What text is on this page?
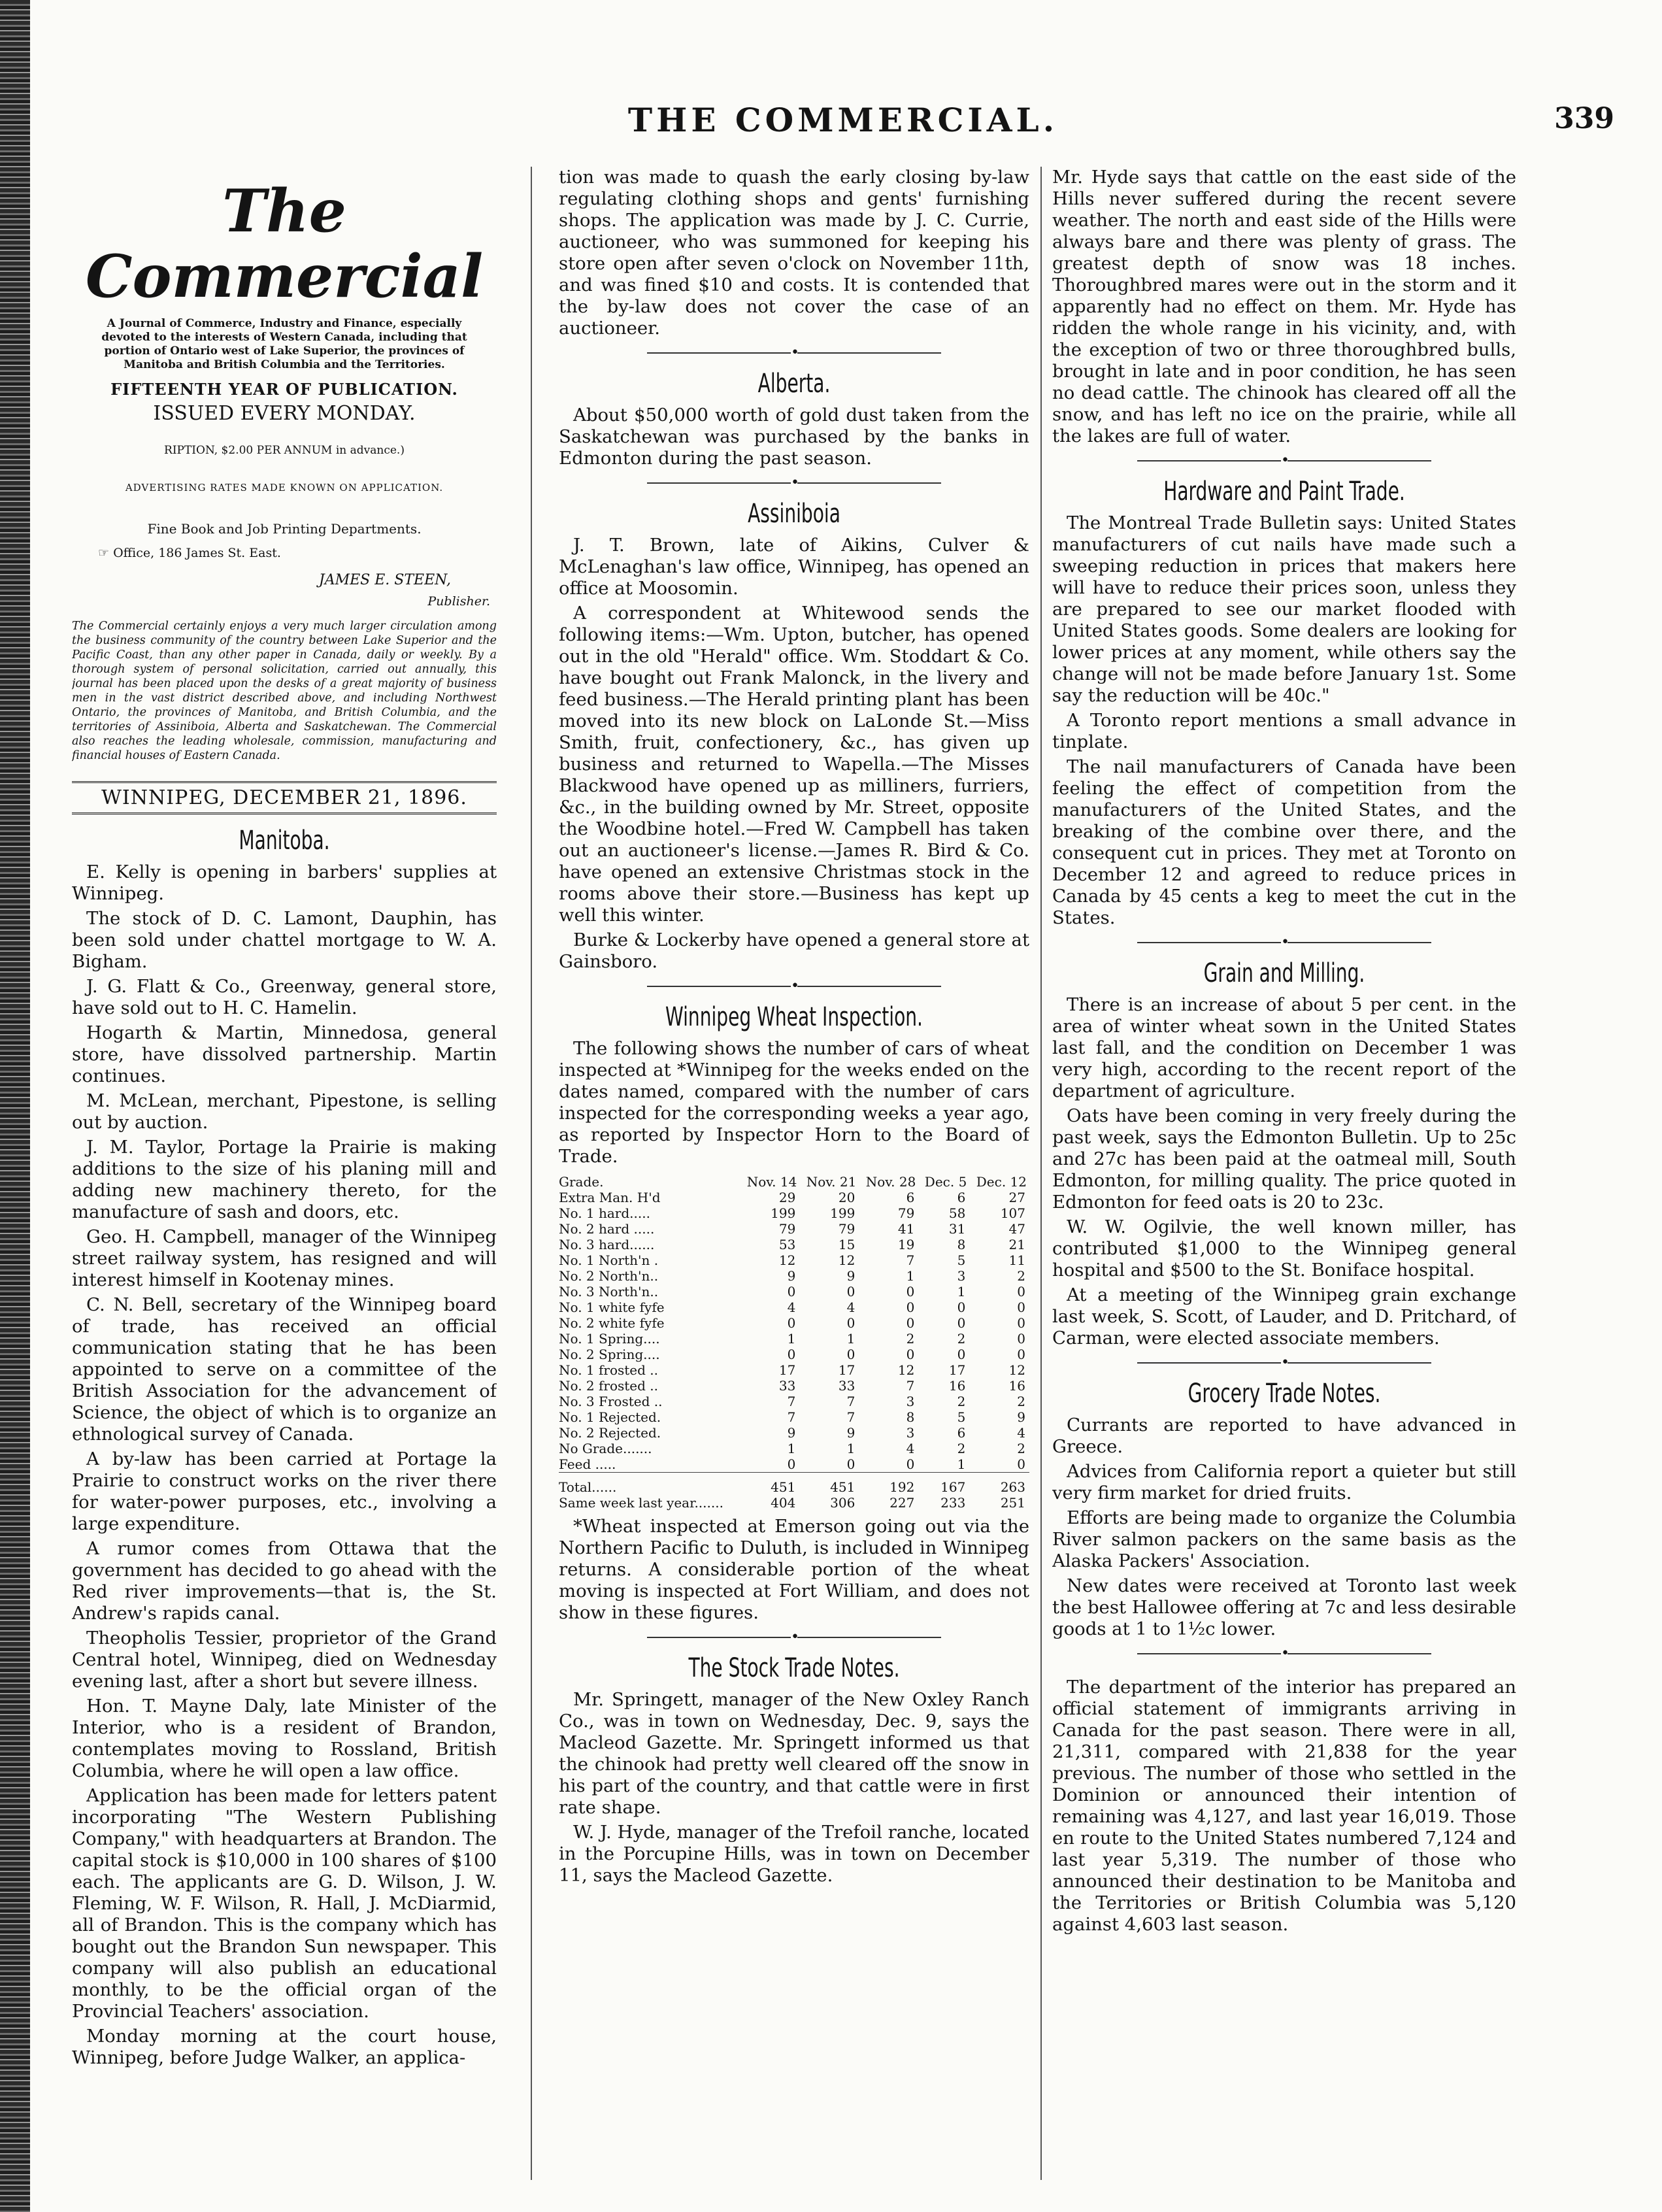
THE COMMERCIAL.	339
The Commercial
A Journal of Commerce, Industry and Finance, especially devoted to the interests of Western Canada, including that portion of Ontario west of Lake Superior, the provinces of Manitoba and British Columbia and the Territories.
FIFTEENTH YEAR OF PUBLICATION.
ISSUED EVERY MONDAY.
RIPTION, $2.00 PER ANNUM in advance.)
ADVERTISING RATES MADE KNOWN ON APPLICATION.
Fine Book and Job Printing Departments.
☞ Office, 186 James St. East.
JAMES E. STEEN,
Publisher.
The Commercial certainly enjoys a very much larger circulation among the business community of the country between Lake Superior and the Pacific Coast, than any other paper in Canada, daily or weekly. By a thorough system of personal solicitation, carried out annually, this journal has been placed upon the desks of a great majority of business men in the vast district described above, and including Northwest Ontario, the provinces of Manitoba, and British Columbia, and the territories of Assiniboia, Alberta and Saskatchewan. The Commercial also reaches the leading wholesale, commission, manufacturing and financial houses of Eastern Canada.
WINNIPEG, DECEMBER 21, 1896.
Manitoba.

E. Kelly is opening in barbers' supplies at Winnipeg.

The stock of D. C. Lamont, Dauphin, has been sold under chattel mortgage to W. A. Bigham.

J. G. Flatt & Co., Greenway, general store, have sold out to H. C. Hamelin.

Hogarth & Martin, Minnedosa, general store, have dissolved partnership. Martin continues.

M. McLean, merchant, Pipestone, is selling out by auction.

J. M. Taylor, Portage la Prairie is making additions to the size of his planing mill and adding new machinery thereto, for the manufacture of sash and doors, etc.

Geo. H. Campbell, manager of the Winnipeg street railway system, has resigned and will interest himself in Kootenay mines.

C. N. Bell, secretary of the Winnipeg board of trade, has received an official communication stating that he has been appointed to serve on a committee of the British Association for the advancement of Science, the object of which is to organize an ethnological survey of Canada.

A by-law has been carried at Portage la Prairie to construct works on the river there for water-power purposes, etc., involving a large expenditure.

A rumor comes from Ottawa that the government has decided to go ahead with the Red river improvements—that is, the St. Andrew's rapids canal.

Theopholis Tessier, proprietor of the Grand Central hotel, Winnipeg, died on Wednesday evening last, after a short but severe illness.

Hon. T. Mayne Daly, late Minister of the Interior, who is a resident of Brandon, contemplates moving to Rossland, British Columbia, where he will open a law office.

Application has been made for letters patent incorporating "The Western Publishing Company," with headquarters at Brandon. The capital stock is $10,000 in 100 shares of $100 each. The applicants are G. D. Wilson, J. W. Fleming, W. F. Wilson, R. Hall, J. McDiarmid, all of Brandon. This is the company which has bought out the Brandon Sun newspaper. This company will also publish an educational monthly, to be the official organ of the Provincial Teachers' association.

Monday morning at the court house, Winnipeg, before Judge Walker, an applica-

tion was made to quash the early closing by-law regulating clothing shops and gents' furnishing shops. The application was made by J. C. Currie, auctioneer, who was summoned for keeping his store open after seven o'clock on November 11th, and was fined $10 and costs. It is contended that the by-law does not cover the case of an auctioneer.

•
Alberta.

About $50,000 worth of gold dust taken from the Saskatchewan was purchased by the banks in Edmonton during the past season.

•
Assiniboia

J. T. Brown, late of Aikins, Culver & McLenaghan's law office, Winnipeg, has opened an office at Moosomin.

A correspondent at Whitewood sends the following items:—Wm. Upton, butcher, has opened out in the old "Herald" office. Wm. Stoddart & Co. have bought out Frank Malonck, in the livery and feed business.—The Herald printing plant has been moved into its new block on LaLonde St.—Miss Smith, fruit, confectionery, &c., has given up business and returned to Wapella.—The Misses Blackwood have opened up as milliners, furriers, &c., in the building owned by Mr. Street, opposite the Woodbine hotel.—Fred W. Campbell has taken out an auctioneer's license.—James R. Bird & Co. have opened an extensive Christmas stock in the rooms above their store.—Business has kept up well this winter.

Burke & Lockerby have opened a general store at Gainsboro.

•
Winnipeg Wheat Inspection.

The following shows the number of cars of wheat inspected at *Winnipeg for the weeks ended on the dates named, compared with the number of cars inspected for the corresponding weeks a year ago, as reported by Inspector Horn to the Board of Trade.

Grade.	Nov. 14	Nov. 21	Nov. 28	Dec. 5	Dec. 12
Extra Man. H'd	29	20	6	6	27
No. 1 hard.....	199	199	79	58	107
No. 2 hard .....	79	79	41	31	47
No. 3 hard......	53	15	19	8	21
No. 1 North'n .	12	12	7	5	11
No. 2 North'n..	9	9	1	3	2
No. 3 North'n..	0	0	0	1	0
No. 1 white fyfe	4	4	0	0	0
No. 2 white fyfe	0	0	0	0	0
No. 1 Spring....	1	1	2	2	0
No. 2 Spring....	0	0	0	0	0
No. 1 frosted ..	17	17	12	17	12
No. 2 frosted ..	33	33	7	16	16
No. 3 Frosted ..	7	7	3	2	2
No. 1 Rejected.	7	7	8	5	9
No. 2 Rejected.	9	9	3	6	4
No Grade.......	1	1	4	2	2
Feed .....	0	0	0	1	0
Total......	451	451	192	167	263
Same week last year.......	404	306	227	233	251

*Wheat inspected at Emerson going out via the Northern Pacific to Duluth, is included in Winnipeg returns. A considerable portion of the wheat moving is inspected at Fort William, and does not show in these figures.

•
The Stock Trade Notes.

Mr. Springett, manager of the New Oxley Ranch Co., was in town on Wednesday, Dec. 9, says the Macleod Gazette. Mr. Springett informed us that the chinook had pretty well cleared off the snow in his part of the country, and that cattle were in first rate shape.

W. J. Hyde, manager of the Trefoil ranche, located in the Porcupine Hills, was in town on December 11, says the Macleod Gazette.

Mr. Hyde says that cattle on the east side of the Hills never suffered during the recent severe weather. The north and east side of the Hills were always bare and there was plenty of grass. The greatest depth of snow was 18 inches. Thoroughbred mares were out in the storm and it apparently had no effect on them. Mr. Hyde has ridden the whole range in his vicinity, and, with the exception of two or three thoroughbred bulls, brought in late and in poor condition, he has seen no dead cattle. The chinook has cleared off all the snow, and has left no ice on the prairie, while all the lakes are full of water.

•
Hardware and Paint Trade.

The Montreal Trade Bulletin says: United States manufacturers of cut nails have made such a sweeping reduction in prices that makers here will have to reduce their prices soon, unless they are prepared to see our market flooded with United States goods. Some dealers are looking for lower prices at any moment, while others say the change will not be made before January 1st. Some say the reduction will be 40c."

A Toronto report mentions a small advance in tinplate.

The nail manufacturers of Canada have been feeling the effect of competition from the manufacturers of the United States, and the breaking of the combine over there, and the consequent cut in prices. They met at Toronto on December 12 and agreed to reduce prices in Canada by 45 cents a keg to meet the cut in the States.

•
Grain and Milling.

There is an increase of about 5 per cent. in the area of winter wheat sown in the United States last fall, and the condition on December 1 was very high, according to the recent report of the department of agriculture.

Oats have been coming in very freely during the past week, says the Edmonton Bulletin. Up to 25c and 27c has been paid at the oatmeal mill, South Edmonton, for milling quality. The price quoted in Edmonton for feed oats is 20 to 23c.

W. W. Ogilvie, the well known miller, has contributed $1,000 to the Winnipeg general hospital and $500 to the St. Boniface hospital.

At a meeting of the Winnipeg grain exchange last week, S. Scott, of Lauder, and D. Pritchard, of Carman, were elected associate members.

•
Grocery Trade Notes.

Currants are reported to have advanced in Greece.

Advices from California report a quieter but still very firm market for dried fruits.

Efforts are being made to organize the Columbia River salmon packers on the same basis as the Alaska Packers' Association.

New dates were received at Toronto last week the best Hallowee offering at 7c and less desirable goods at 1 to 1½c lower.

•

The department of the interior has prepared an official statement of immigrants arriving in Canada for the past season. There were in all, 21,311, compared with 21,838 for the year previous. The number of those who settled in the Dominion or announced their intention of remaining was 4,127, and last year 16,019. Those en route to the United States numbered 7,124 and last year 5,319. The number of those who announced their destination to be Manitoba and the Territories or British Columbia was 5,120 against 4,603 last season.
